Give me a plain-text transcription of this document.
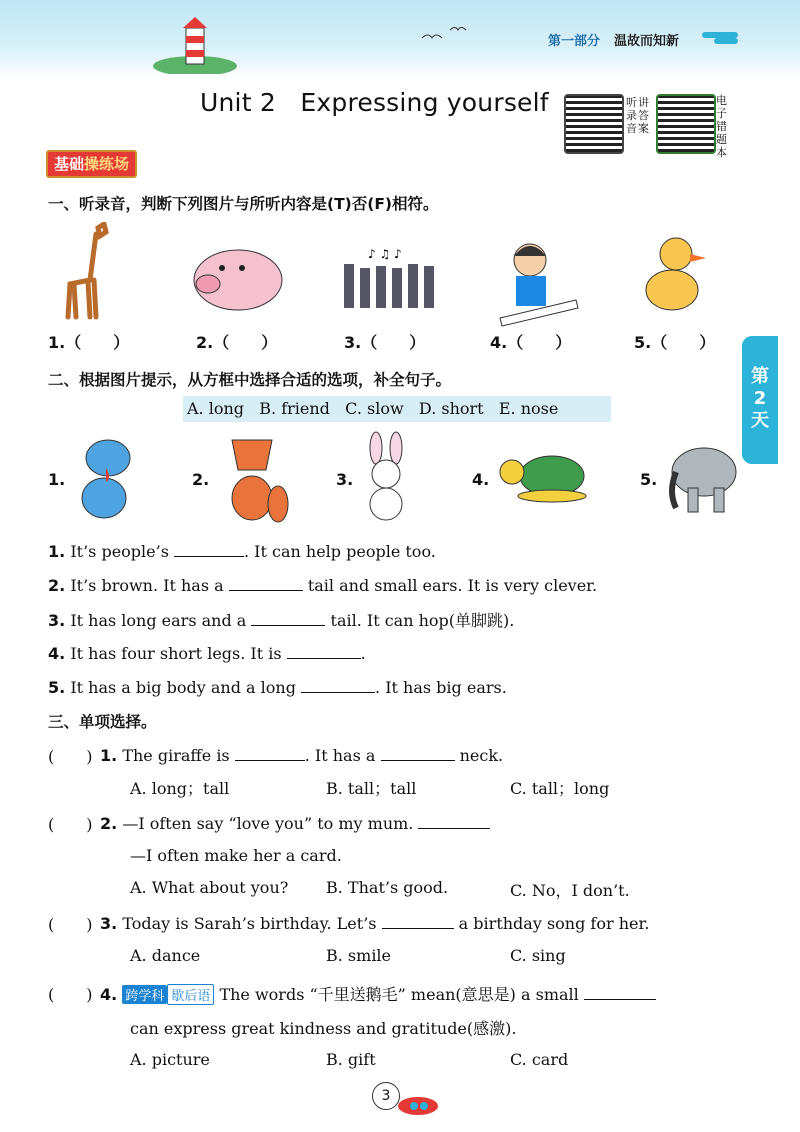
第一部分 温故而知新
Unit 2   Expressing yourself	听讲录答音案
电子错题本
基础操练场
第
2
天
一、听录音，判断下列图片与所听内容是(T)否(F)相符。
♪ ♫ ♪
1.（　　）	2.（　　）	3.（　　）	4.（　　）	5.（　　）
二、根据图片提示，从方框中选择合适的选项，补全句子。
A. long   B. friend   C. slow   D. short   E. nose
1.	2.	3.	4.	5.
1. It’s people’s	. It can help people too.
2. It’s brown. It has a	tail and small ears. It is very clever.
3. It has long ears and a	tail. It can hop(单脚跳).
4. It has four short legs. It is	.
5. It has a big body and a long	. It has big ears.
三、单项选择。
(　　) 1. The giraffe is	. It has a	neck.
A. long；tall	B. tall；tall	C. tall；long
(　　) 2. —I often say “love you” to my mum.
—I often make her a card.
A. What about you? B. That’s good.	C. No，I don’t.
(　　) 3. Today is Sarah’s birthday. Let’s	a birthday song for her.
A. dance	B. smile	C. sing
(　　) 4. 跨学科 歇后语 The words “千里送鹅毛” mean(意思是) a small
can express great kindness and gratitude(感激).
A. picture	B. gift	C. card
3
